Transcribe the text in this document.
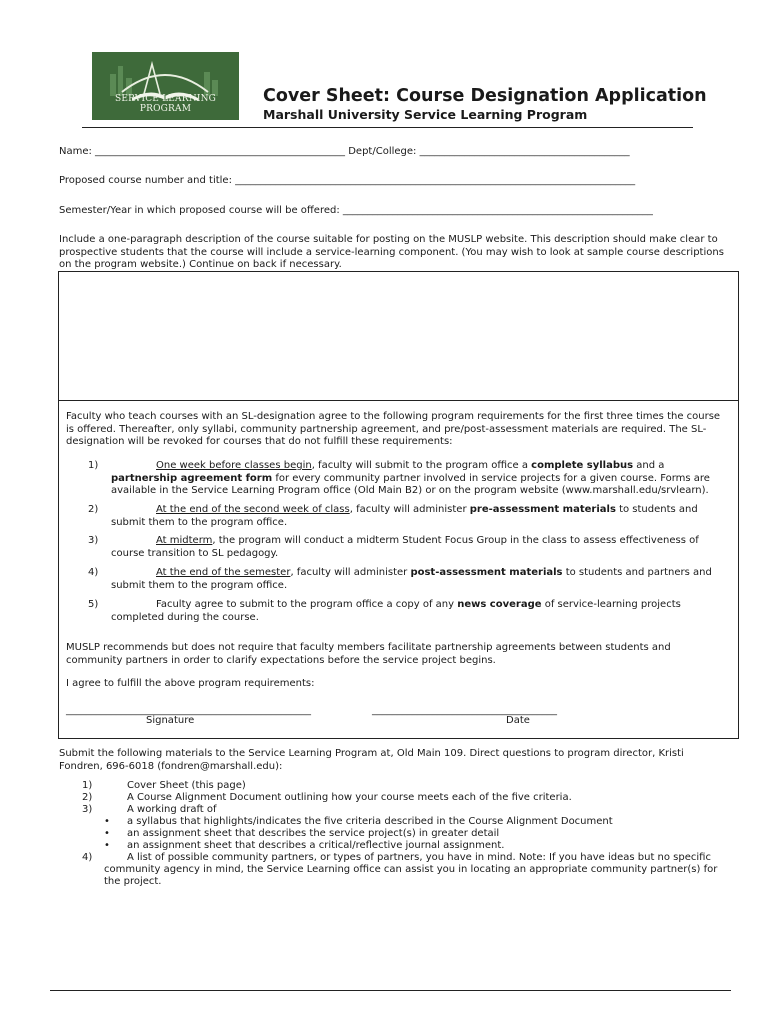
SERVICE LEARNING PROGRAM
Cover Sheet: Course Designation Application
Marshall University Service Learning Program
Name: __________________________________________________ Dept/College: __________________________________________
Proposed course number and title: ________________________________________________________________________________
Semester/Year in which proposed course will be offered: ______________________________________________________________
Include a one-paragraph description of the course suitable for posting on the MUSLP website. This description should make clear to
prospective students that the course will include a service-learning component. (You may wish to look at sample course descriptions
on the program website.) Continue on back if necessary.
Faculty who teach courses with an SL-designation agree to the following program requirements for the first three times the course
is offered. Thereafter, only syllabi, community partnership agreement, and pre/post-assessment materials are required. The SL-
designation will be revoked for courses that do not fulfill these requirements:
1)	One week before classes begin, faculty will submit to the program office a complete syllabus and a
partnership agreement form for every community partner involved in service projects for a given course. Forms are
available in the Service Learning Program office (Old Main B2) or on the program website (www.marshall.edu/srvlearn).
2)	At the end of the second week of class, faculty will administer pre-assessment materials to students and
submit them to the program office.
3)	At midterm, the program will conduct a midterm Student Focus Group in the class to assess effectiveness of
course transition to SL pedagogy.
4)	At the end of the semester, faculty will administer post-assessment materials to students and partners and
submit them to the program office.
5)	Faculty agree to submit to the program office a copy of any news coverage of service-learning projects
completed during the course.
MUSLP recommends but does not require that faculty members facilitate partnership agreements between students and
community partners in order to clarify expectations before the service project begins.
I agree to fulfill the above program requirements:
_________________________________________________	_____________________________________
Signature	Date
Submit the following materials to the Service Learning Program at, Old Main 109. Direct questions to program director, Kristi
Fondren, 696-6018 (fondren@marshall.edu):
1)	Cover Sheet (this page)
2)	A Course Alignment Document outlining how your course meets each of the five criteria.
3)	A working draft of
• a syllabus that highlights/indicates the five criteria described in the Course Alignment Document
• an assignment sheet that describes the service project(s) in greater detail
• an assignment sheet that describes a critical/reflective journal assignment.
4)	A list of possible community partners, or types of partners, you have in mind. Note: If you have ideas but no specific
community agency in mind, the Service Learning office can assist you in locating an appropriate community partner(s) for
the project.
